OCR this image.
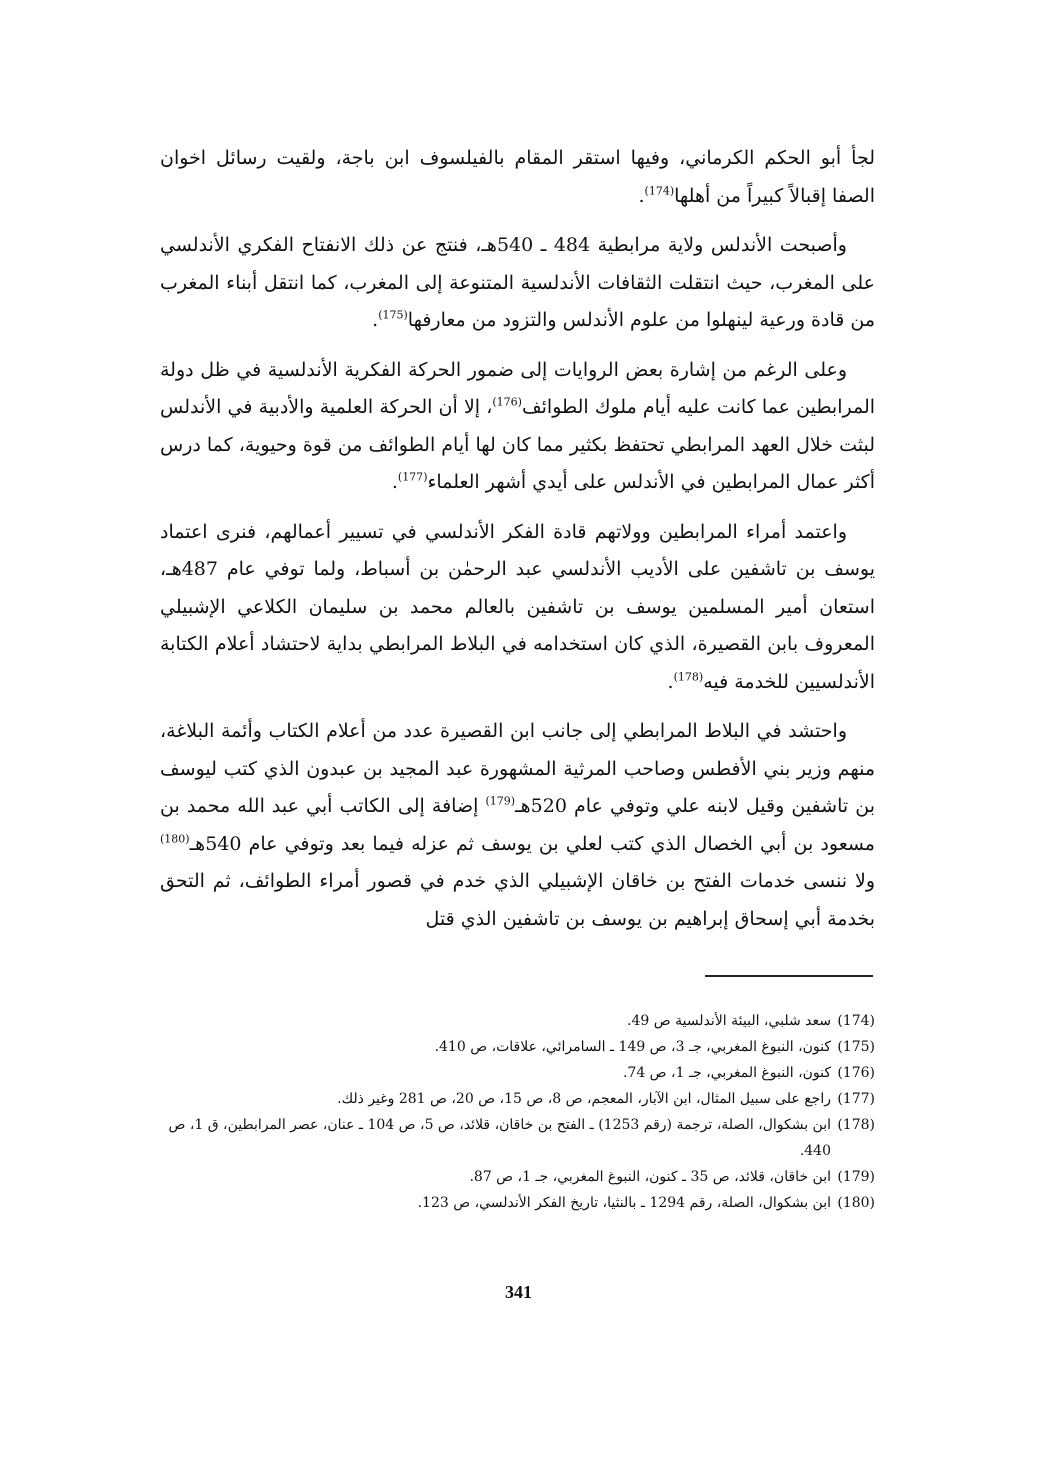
لجأ أبو الحكم الكرماني، وفيها استقر المقام بالفيلسوف ابن باجة، ولقيت رسائل اخوان الصفا إقبالاً كبيراً من أهلها$^{(174)}$.

وأصبحت الأندلس ولاية مرابطية 484 ـ 540هـ، فنتج عن ذلك الانفتاح الفكري الأندلسي على المغرب، حيث انتقلت الثقافات الأندلسية المتنوعة إلى المغرب، كما انتقل أبناء المغرب من قادة ورعية لينهلوا من علوم الأندلس والتزود من معارفها$^{(175)}$.

وعلى الرغم من إشارة بعض الروايات إلى ضمور الحركة الفكرية الأندلسية في ظل دولة المرابطين عما كانت عليه أيام ملوك الطوائف$^{(176)}$، إلا أن الحركة العلمية والأدبية في الأندلس لبثت خلال العهد المرابطي تحتفظ بكثير مما كان لها أيام الطوائف من قوة وحيوية، كما درس أكثر عمال المرابطين في الأندلس على أيدي أشهر العلماء$^{(177)}$.

واعتمد أمراء المرابطين وولاتهم قادة الفكر الأندلسي في تسيير أعمالهم، فنرى اعتماد يوسف بن تاشفين على الأديب الأندلسي عبد الرحمٰن بن أسباط، ولما توفي عام 487هـ، استعان أمير المسلمين يوسف بن تاشفين بالعالم محمد بن سليمان الكلاعي الإشبيلي المعروف بابن القصيرة، الذي كان استخدامه في البلاط المرابطي بداية لاحتشاد أعلام الكتابة الأندلسيين للخدمة فيه$^{(178)}$.

واحتشد في البلاط المرابطي إلى جانب ابن القصيرة عدد من أعلام الكتاب وأئمة البلاغة، منهم وزير بني الأفطس وصاحب المرثية المشهورة عبد المجيد بن عبدون الذي كتب ليوسف بن تاشفين وقيل لابنه علي وتوفي عام 520هـ$^{(179)}$ إضافة إلى الكاتب أبي عبد الله محمد بن مسعود بن أبي الخصال الذي كتب لعلي بن يوسف ثم عزله فيما بعد وتوفي عام 540هـ$^{(180)}$ ولا ننسى خدمات الفتح بن خاقان الإشبيلي الذي خدم في قصور أمراء الطوائف، ثم التحق بخدمة أبي إسحاق إبراهيم بن يوسف بن تاشفين الذي قتل

(174)
سعد شلبي، البيئة الأندلسية ص 49.
(175)
كنون، النبوغ المغربي، جـ 3، ص 149 ـ السامرائي، علاقات، ص 410.
(176)
كنون، النبوغ المغربي، جـ 1، ص 74.
(177)
راجع على سبيل المثال، ابن الآبار، المعجم، ص 8، ص 15، ص 20، ص 281 وغير ذلك.
(178)
ابن بشكوال، الصلة، ترجمة (رقم 1253) ـ الفتح بن خاقان، قلائد، ص 5، ص 104 ـ عنان، عصر المرابطين، ق 1، ص 440.
(179)
ابن خاقان، قلائد، ص 35 ـ كنون، النبوغ المغربي، جـ 1، ص 87.
(180)
ابن بشكوال، الصلة، رقم 1294 ـ بالنثيا، تاريخ الفكر الأندلسي، ص 123.
341
